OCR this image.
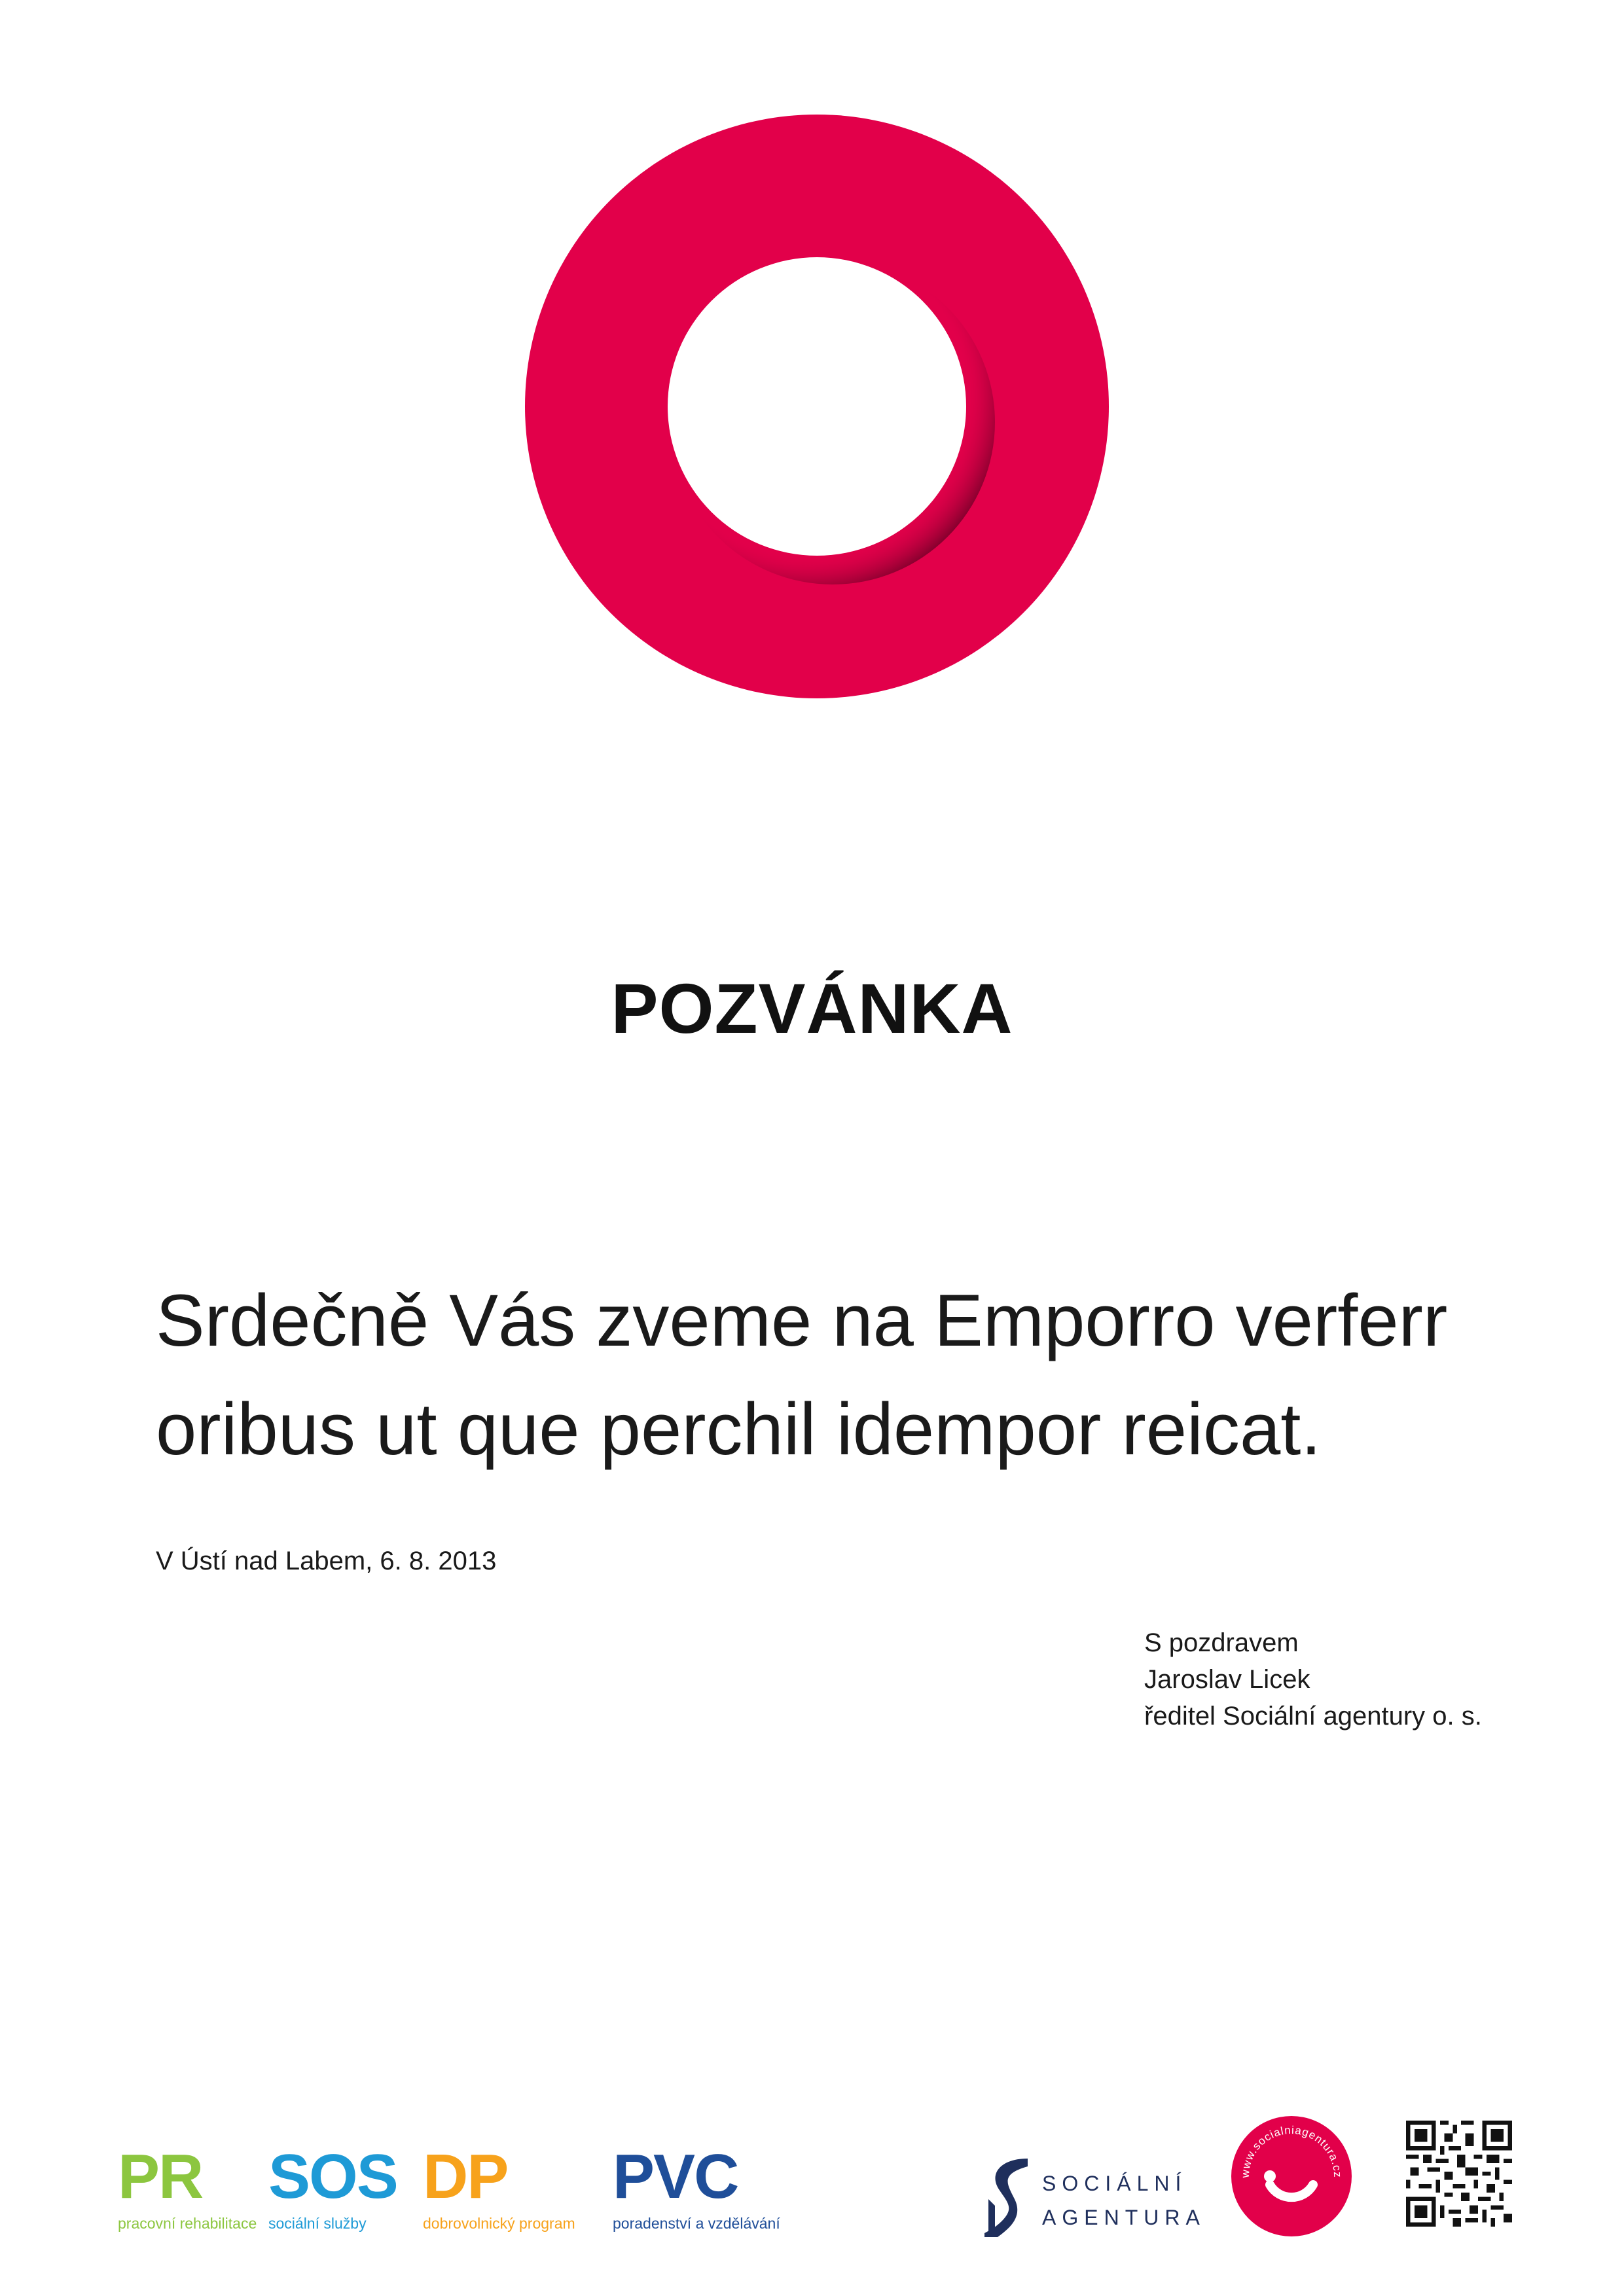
POZVÁNKA
Srdečně Vás zveme na Emporro verferr
oribus ut que perchil idempor reicat.
V Ústí nad Labem, 6. 8. 2013
S pozdravem
Jaroslav Licek
ředitel Sociální agentury o. s.
PR
pracovní rehabilitace
SOS
sociální služby
DP
dobrovolnický program
PVC
poradenství a vzdělávání
SOCIÁLNÍ
AGENTURA
www.socialniagentura.cz
